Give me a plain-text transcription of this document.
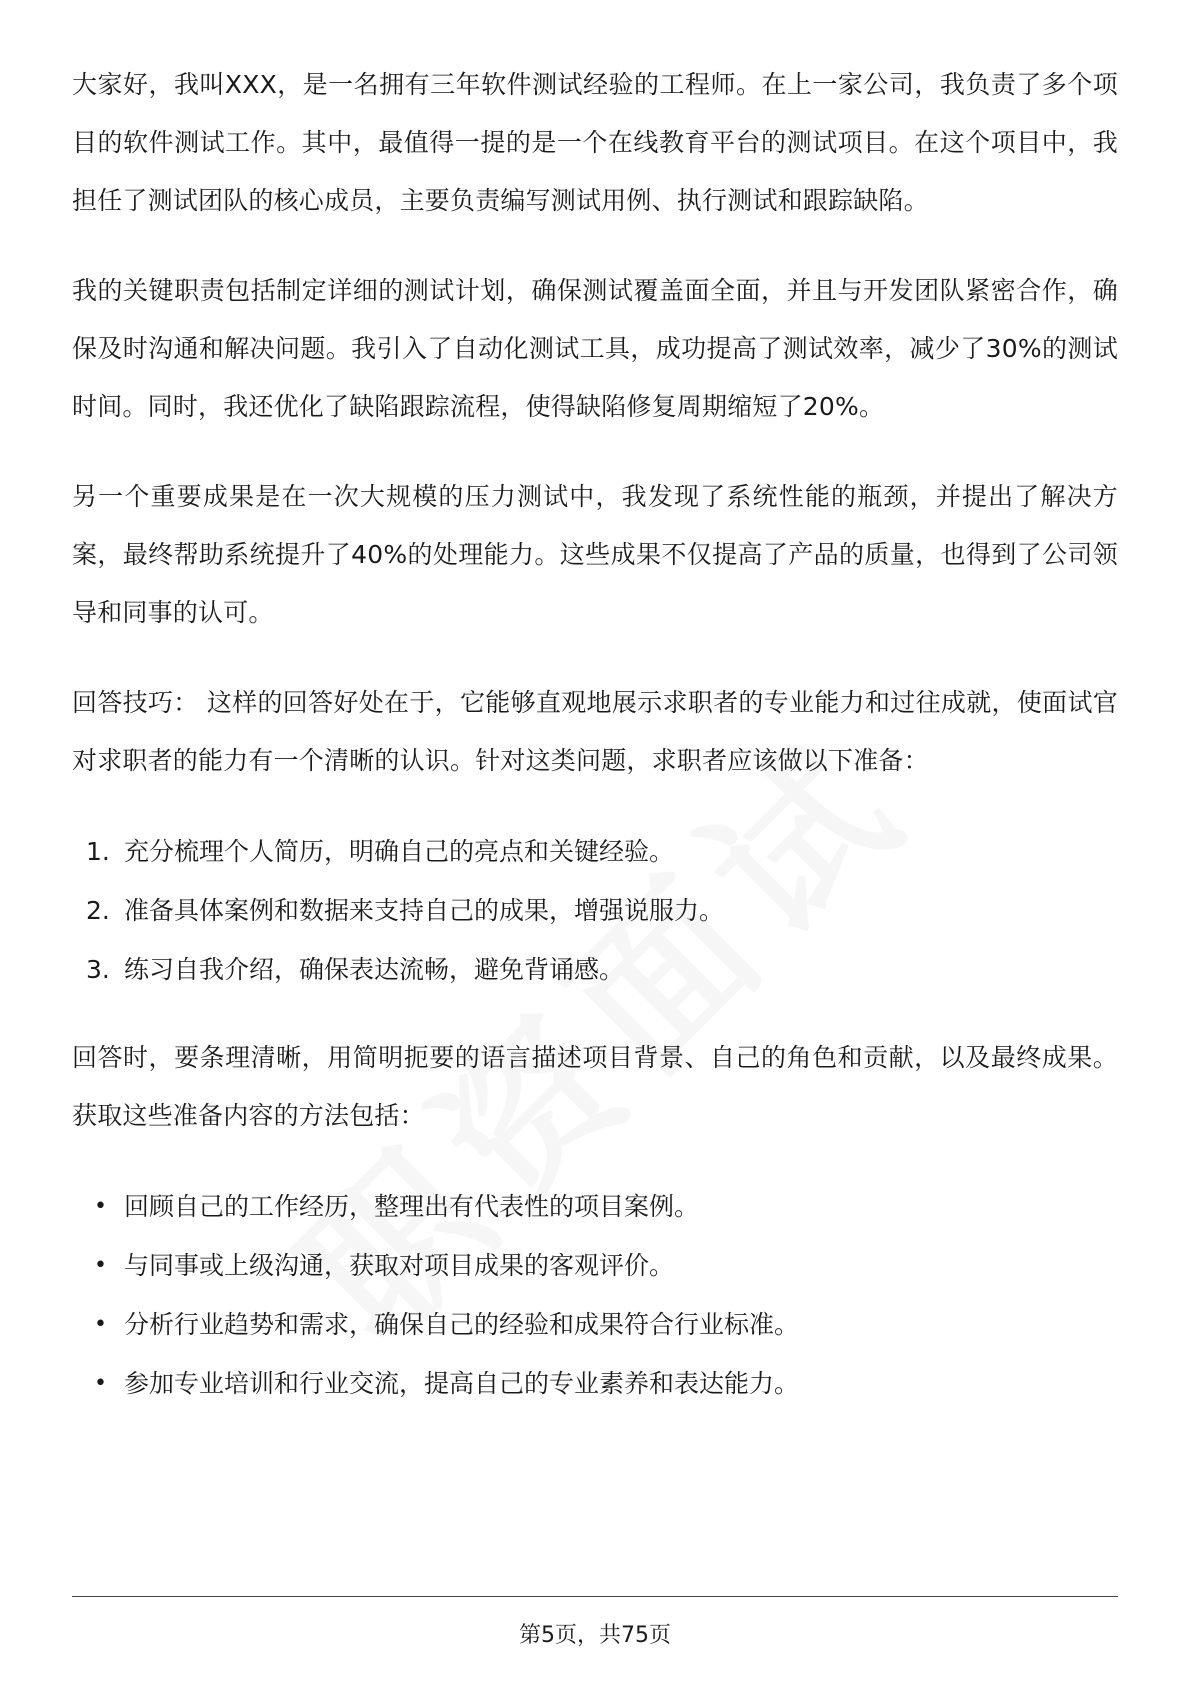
大家好，我叫XXX，是一名拥有三年软件测试经验的工程师。在上一家公司，我负责了多个项目的软件测试工作。其中，最值得一提的是一个在线教育平台的测试项目。在这个项目中，我担任了测试团队的核心成员，主要负责编写测试用例、执行测试和跟踪缺陷。

我的关键职责包括制定详细的测试计划，确保测试覆盖面全面，并且与开发团队紧密合作，确保及时沟通和解决问题。我引入了自动化测试工具，成功提高了测试效率，减少了30%的测试时间。同时，我还优化了缺陷跟踪流程，使得缺陷修复周期缩短了20%。

另一个重要成果是在一次大规模的压力测试中，我发现了系统性能的瓶颈，并提出了解决方案，最终帮助系统提升了40%的处理能力。这些成果不仅提高了产品的质量，也得到了公司领导和同事的认可。

回答技巧： 这样的回答好处在于，它能够直观地展示求职者的专业能力和过往成就，使面试官对求职者的能力有一个清晰的认识。针对这类问题，求职者应该做以下准备：

1. 充分梳理个人简历，明确自己的亮点和关键经验。
2. 准备具体案例和数据来支持自己的成果，增强说服力。
3. 练习自我介绍，确保表达流畅，避免背诵感。

回答时，要条理清晰，用简明扼要的语言描述项目背景、自己的角色和贡献，以及最终成果。获取这些准备内容的方法包括：

• 回顾自己的工作经历，整理出有代表性的项目案例。
• 与同事或上级沟通，获取对项目成果的客观评价。
• 分析行业趋势和需求，确保自己的经验和成果符合行业标准。
• 参加专业培训和行业交流，提高自己的专业素养和表达能力。
第5页，共75页
